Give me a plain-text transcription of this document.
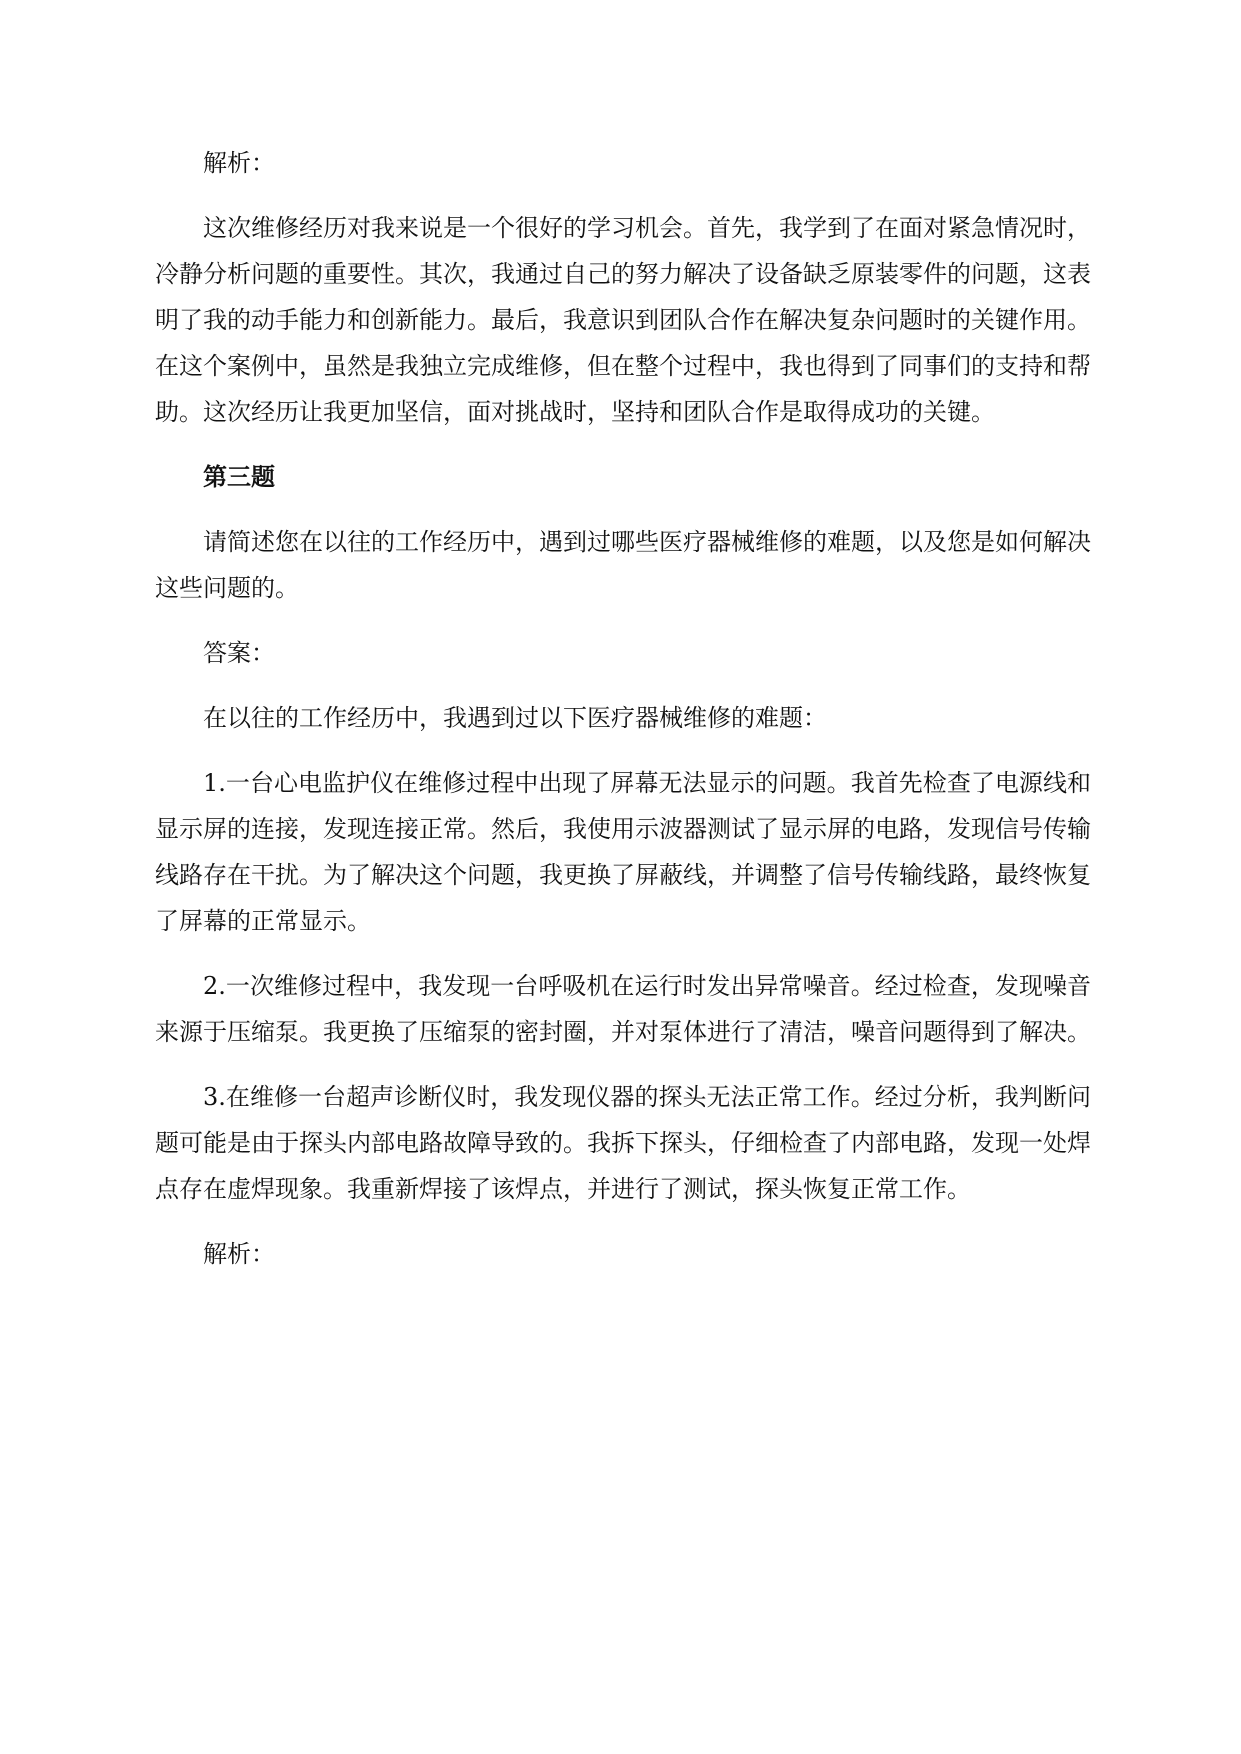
解析：

这次维修经历对我来说是一个很好的学习机会。首先，我学到了在面对紧急情况时，冷静分析问题的重要性。其次，我通过自己的努力解决了设备缺乏原装零件的问题，这表明了我的动手能力和创新能力。最后，我意识到团队合作在解决复杂问题时的关键作用。在这个案例中，虽然是我独立完成维修，但在整个过程中，我也得到了同事们的支持和帮助。这次经历让我更加坚信，面对挑战时，坚持和团队合作是取得成功的关键。

第三题

请简述您在以往的工作经历中，遇到过哪些医疗器械维修的难题，以及您是如何解决这些问题的。

答案：

在以往的工作经历中，我遇到过以下医疗器械维修的难题：

1.一台心电监护仪在维修过程中出现了屏幕无法显示的问题。我首先检查了电源线和显示屏的连接，发现连接正常。然后，我使用示波器测试了显示屏的电路，发现信号传输线路存在干扰。为了解决这个问题，我更换了屏蔽线，并调整了信号传输线路，最终恢复了屏幕的正常显示。

2.一次维修过程中，我发现一台呼吸机在运行时发出异常噪音。经过检查，发现噪音来源于压缩泵。我更换了压缩泵的密封圈，并对泵体进行了清洁，噪音问题得到了解决。

3.在维修一台超声诊断仪时，我发现仪器的探头无法正常工作。经过分析，我判断问题可能是由于探头内部电路故障导致的。我拆下探头，仔细检查了内部电路，发现一处焊点存在虚焊现象。我重新焊接了该焊点，并进行了测试，探头恢复正常工作。

解析：
